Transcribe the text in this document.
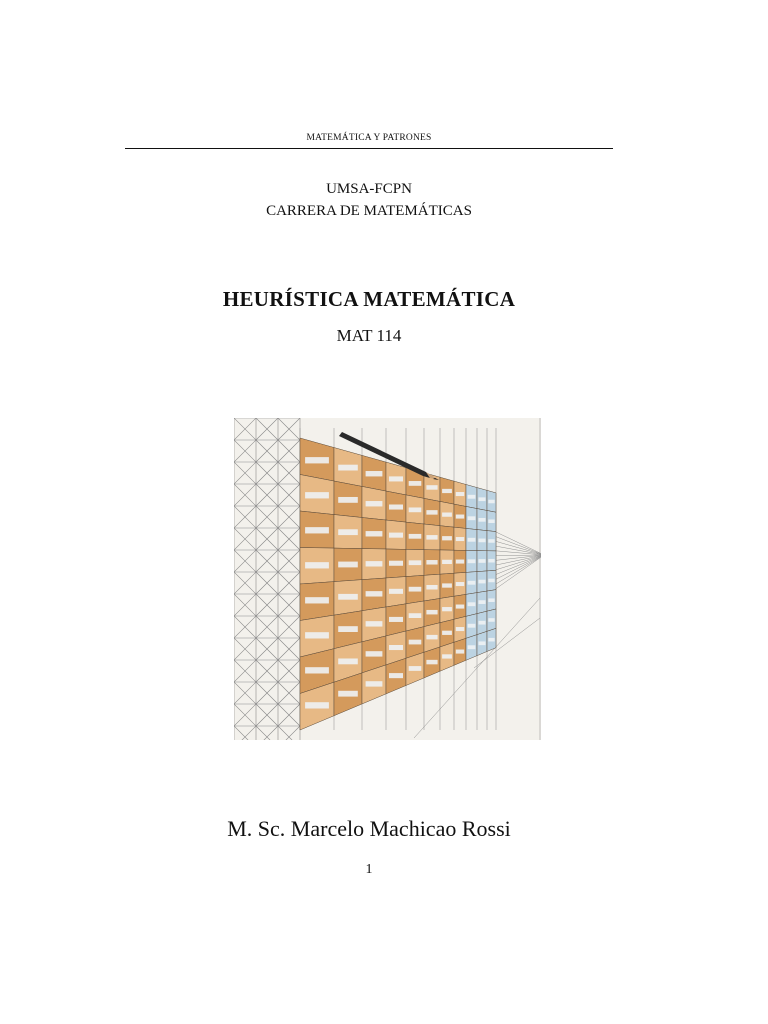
MATEMÁTICA Y PATRONES
UMSA-FCPN
CARRERA DE MATEMÁTICAS
HEURÍSTICA MATEMÁTICA
MAT 114
M. Sc. Marcelo Machicao Rossi
1
